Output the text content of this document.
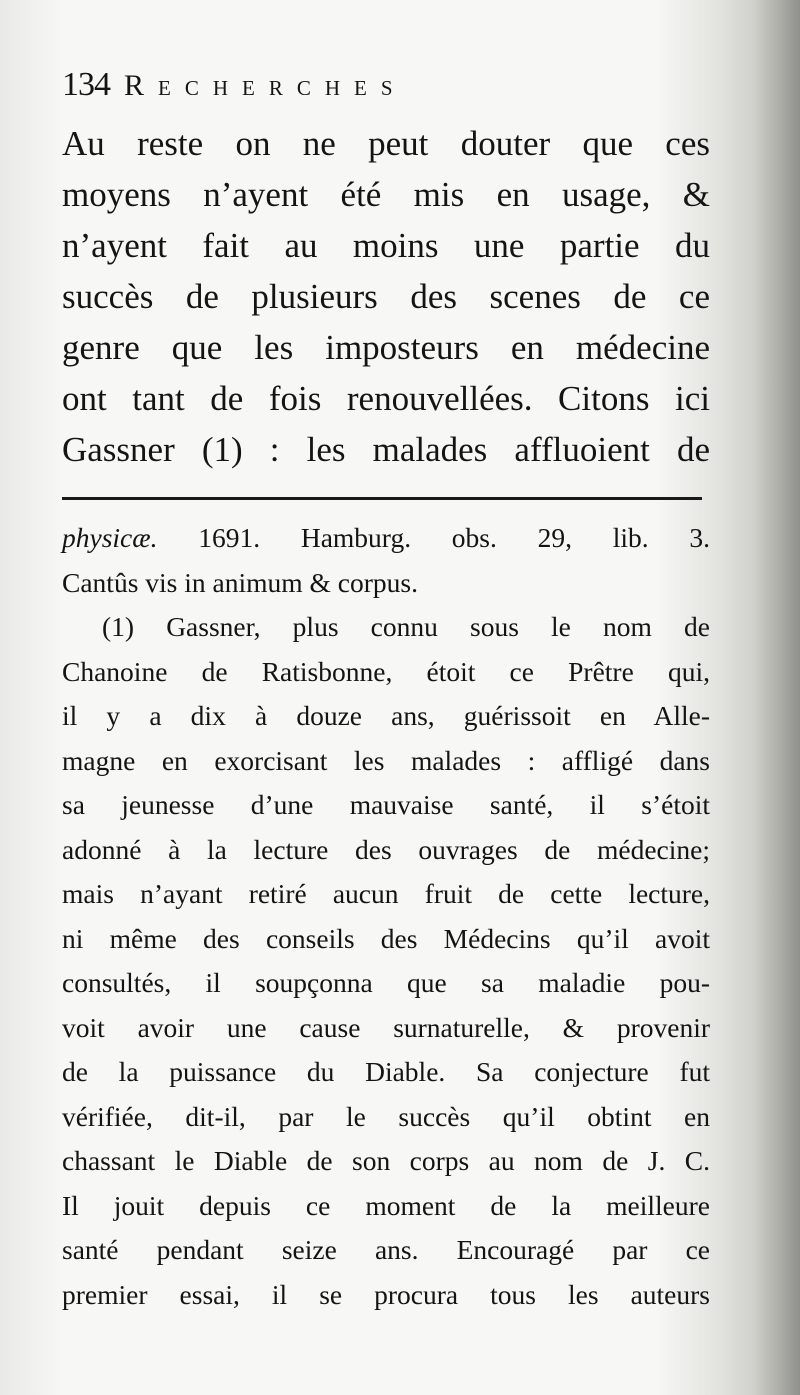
134 Recherches
Au reste on ne peut douter que ces
moyens n’ayent été mis en usage, &
n’ayent fait au moins une partie du
succès de plusieurs des scenes de ce
genre que les imposteurs en médecine
ont tant de fois renouvellées. Citons ici
Gassner (1) : les malades affluoient de
physicæ. 1691. Hamburg. obs. 29, lib. 3.
Cantûs vis in animum & corpus.
(1) Gassner, plus connu sous le nom de
Chanoine de Ratisbonne, étoit ce Prêtre qui,
il y a dix à douze ans, guérissoit en Alle-
magne en exorcisant les malades : affligé dans
sa jeunesse d’une mauvaise santé, il s’étoit
adonné à la lecture des ouvrages de médecine;
mais n’ayant retiré aucun fruit de cette lecture,
ni même des conseils des Médecins qu’il avoit
consultés, il soupçonna que sa maladie pou-
voit avoir une cause surnaturelle, & provenir
de la puissance du Diable. Sa conjecture fut
vérifiée, dit-il, par le succès qu’il obtint en
chassant le Diable de son corps au nom de J. C.
Il jouit depuis ce moment de la meilleure
santé pendant seize ans. Encouragé par ce
premier essai, il se procura tous les auteurs
